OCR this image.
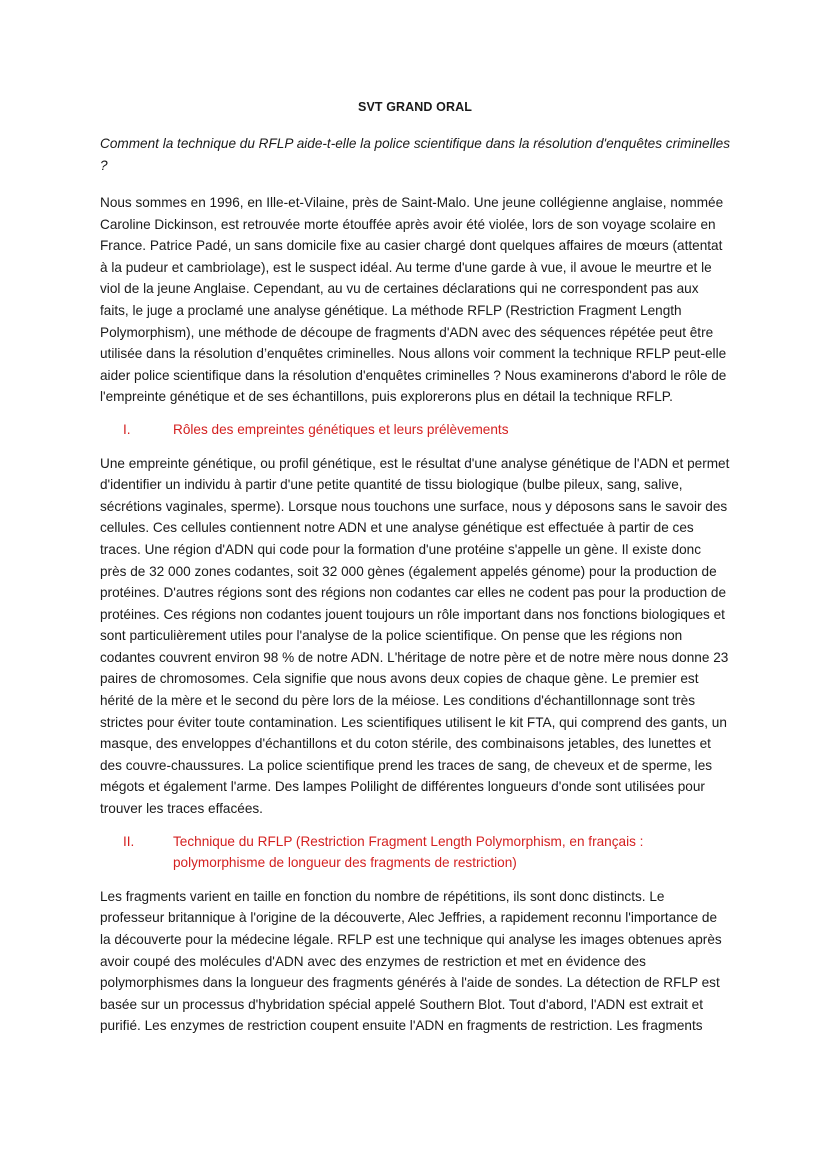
SVT GRAND ORAL

Comment la technique du RFLP aide-t-elle la police scientifique dans la résolution d'enquêtes criminelles ?

Nous sommes en 1996, en Ille-et-Vilaine, près de Saint-Malo. Une jeune collégienne anglaise, nommée Caroline Dickinson, est retrouvée morte étouffée après avoir été violée, lors de son voyage scolaire en France. Patrice Padé, un sans domicile fixe au casier chargé dont quelques affaires de mœurs (attentat à la pudeur et cambriolage), est le suspect idéal. Au terme d'une garde à vue, il avoue le meurtre et le viol de la jeune Anglaise. Cependant, au vu de certaines déclarations qui ne correspondent pas aux faits, le juge a proclamé une analyse génétique. La méthode RFLP (Restriction Fragment Length Polymorphism), une méthode de découpe de fragments d'ADN avec des séquences répétée peut être utilisée dans la résolution d’enquêtes criminelles. Nous allons voir comment la technique RFLP peut-elle aider police scientifique dans la résolution d'enquêtes criminelles ? Nous examinerons d'abord le rôle de l'empreinte génétique et de ses échantillons, puis explorerons plus en détail la technique RFLP.

I.	Rôles des empreintes génétiques et leurs prélèvements

Une empreinte génétique, ou profil génétique, est le résultat d'une analyse génétique de l'ADN et permet d'identifier un individu à partir d'une petite quantité de tissu biologique (bulbe pileux, sang, salive, sécrétions vaginales, sperme). Lorsque nous touchons une surface, nous y déposons sans le savoir des cellules. Ces cellules contiennent notre ADN et une analyse génétique est effectuée à partir de ces traces. Une région d'ADN qui code pour la formation d'une protéine s'appelle un gène. Il existe donc près de 32 000 zones codantes, soit 32 000 gènes (également appelés génome) pour la production de protéines. D'autres régions sont des régions non codantes car elles ne codent pas pour la production de protéines. Ces régions non codantes jouent toujours un rôle important dans nos fonctions biologiques et sont particulièrement utiles pour l'analyse de la police scientifique. On pense que les régions non codantes couvrent environ 98 % de notre ADN. L'héritage de notre père et de notre mère nous donne 23 paires de chromosomes. Cela signifie que nous avons deux copies de chaque gène. Le premier est hérité de la mère et le second du père lors de la méiose. Les conditions d'échantillonnage sont très strictes pour éviter toute contamination. Les scientifiques utilisent le kit FTA, qui comprend des gants, un masque, des enveloppes d'échantillons et du coton stérile, des combinaisons jetables, des lunettes et des couvre-chaussures. La police scientifique prend les traces de sang, de cheveux et de sperme, les mégots et également l'arme. Des lampes Polilight de différentes longueurs d'onde sont utilisées pour trouver les traces effacées.

II.	Technique du RFLP (Restriction Fragment Length Polymorphism, en français : polymorphisme de longueur des fragments de restriction)

Les fragments varient en taille en fonction du nombre de répétitions, ils sont donc distincts. Le professeur britannique à l'origine de la découverte, Alec Jeffries, a rapidement reconnu l'importance de la découverte pour la médecine légale. RFLP est une technique qui analyse les images obtenues après avoir coupé des molécules d'ADN avec des enzymes de restriction et met en évidence des polymorphismes dans la longueur des fragments générés à l'aide de sondes. La détection de RFLP est basée sur un processus d'hybridation spécial appelé Southern Blot. Tout d'abord, l'ADN est extrait et purifié. Les enzymes de restriction coupent ensuite l'ADN en fragments de restriction. Les fragments
